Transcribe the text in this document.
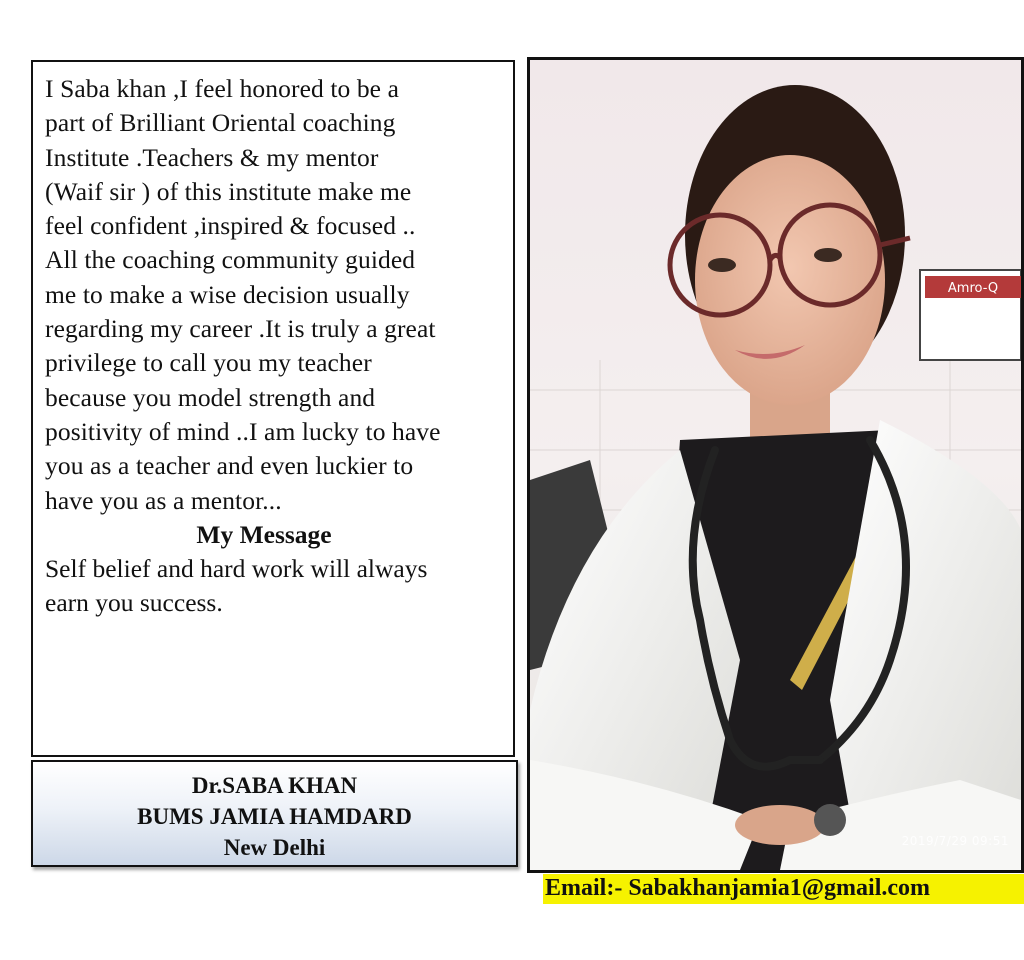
I Saba khan ,I feel honored to be a
part of Brilliant Oriental coaching
Institute .Teachers & my mentor
(Waif sir ) of this institute make me
feel confident ,inspired & focused ..
All the coaching community guided
me to make a wise decision usually
regarding my career .It is truly a great
privilege to call you my teacher
because you model strength and
positivity of mind ..I am lucky to have
you as a teacher and even luckier to
have you as a mentor...

My Message

Self belief and hard work will always
earn you success.

Dr.SABA KHAN
BUMS JAMIA HAMDARD
New Delhi
Amro-Q
2019/7/29 09:51
Email:- Sabakhanjamia1@gmail.com
